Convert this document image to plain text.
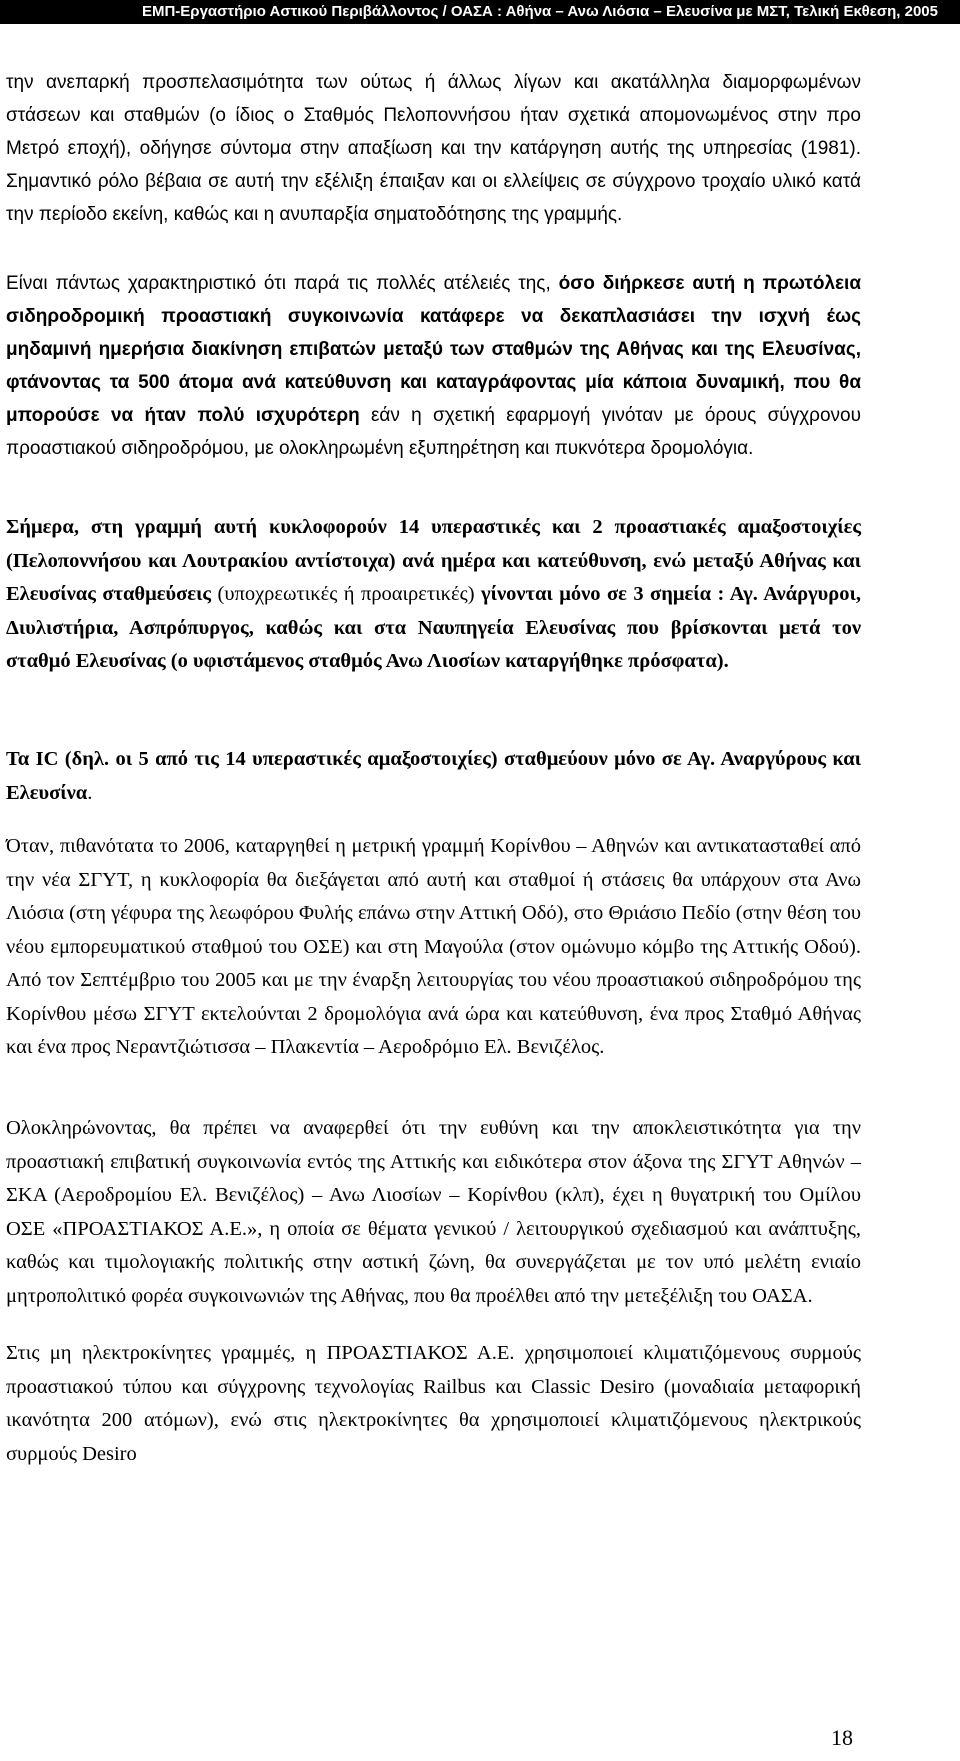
ΕΜΠ-Εργαστήριο Αστικού Περιβάλλοντος / ΟΑΣΑ : Αθήνα – Ανω Λιόσια – Ελευσίνα με ΜΣΤ, Τελική Εκθεση, 2005

την ανεπαρκή προσπελασιμότητα των ούτως ή άλλως λίγων και ακατάλληλα διαμορφωμένων στάσεων και σταθμών (ο ίδιος ο Σταθμός Πελοποννήσου ήταν σχετικά απομονωμένος στην προ Μετρό εποχή), οδήγησε σύντομα στην απαξίωση και την κατάργηση αυτής της υπηρεσίας (1981). Σημαντικό ρόλο βέβαια σε αυτή την εξέλιξη έπαιξαν και οι ελλείψεις σε σύγχρονο τροχαίο υλικό κατά την περίοδο εκείνη, καθώς και η ανυπαρξία σηματοδότησης της γραμμής.

Είναι πάντως χαρακτηριστικό ότι παρά τις πολλές ατέλειές της, όσο διήρκεσε αυτή η πρωτόλεια σιδηροδρομική προαστιακή συγκοινωνία κατάφερε να δεκαπλασιάσει την ισχνή έως μηδαμινή ημερήσια διακίνηση επιβατών μεταξύ των σταθμών της Αθήνας και της Ελευσίνας, φτάνοντας τα 500 άτομα ανά κατεύθυνση και καταγράφοντας μία κάποια δυναμική, που θα μπορούσε να ήταν πολύ ισχυρότερη εάν η σχετική εφαρμογή γινόταν με όρους σύγχρονου προαστιακού σιδηροδρόμου, με ολοκληρωμένη εξυπηρέτηση και πυκνότερα δρομολόγια.

Σήμερα, στη γραμμή αυτή κυκλοφορούν 14 υπεραστικές και 2 προαστιακές αμαξοστοιχίες (Πελοποννήσου και Λουτρακίου αντίστοιχα) ανά ημέρα και κατεύθυνση, ενώ μεταξύ Αθήνας και Ελευσίνας σταθμεύσεις (υποχρεωτικές ή προαιρετικές) γίνονται μόνο σε 3 σημεία : Αγ. Ανάργυροι, Διυλιστήρια, Ασπρόπυργος, καθώς και στα Ναυπηγεία Ελευσίνας που βρίσκονται μετά τον σταθμό Ελευσίνας (ο υφιστάμενος σταθμός Ανω Λιοσίων καταργήθηκε πρόσφατα).

Τα IC (δηλ. οι 5 από τις 14 υπεραστικές αμαξοστοιχίες) σταθμεύουν μόνο σε Αγ. Αναργύρους και Ελευσίνα.

Όταν, πιθανότατα το 2006, καταργηθεί η μετρική γραμμή Κορίνθου – Αθηνών και αντικατασταθεί από την νέα ΣΓΥΤ, η κυκλοφορία θα διεξάγεται από αυτή και σταθμοί ή στάσεις θα υπάρχουν στα Ανω Λιόσια (στη γέφυρα της λεωφόρου Φυλής επάνω στην Αττική Οδό), στο Θριάσιο Πεδίο (στην θέση του νέου εμπορευματικού σταθμού του ΟΣΕ) και στη Μαγούλα (στον ομώνυμο κόμβο της Αττικής Οδού). Από τον Σεπτέμβριο του 2005 και με την έναρξη λειτουργίας του νέου προαστιακού σιδηροδρόμου της Κορίνθου μέσω ΣΓΥΤ εκτελούνται 2 δρομολόγια ανά ώρα και κατεύθυνση, ένα προς Σταθμό Αθήνας και ένα προς Νεραντζιώτισσα – Πλακεντία – Αεροδρόμιο Ελ. Βενιζέλος.

Ολοκληρώνοντας, θα πρέπει να αναφερθεί ότι την ευθύνη και την αποκλειστικότητα για την προαστιακή επιβατική συγκοινωνία εντός της Αττικής και ειδικότερα στον άξονα της ΣΓΥΤ Αθηνών – ΣΚΑ (Αεροδρομίου Ελ. Βενιζέλος) – Ανω Λιοσίων – Κορίνθου (κλπ), έχει η θυγατρική του Ομίλου ΟΣΕ «ΠΡΟΑΣΤΙΑΚΟΣ Α.Ε.», η οποία σε θέματα γενικού / λειτουργικού σχεδιασμού και ανάπτυξης, καθώς και τιμολογιακής πολιτικής στην αστική ζώνη, θα συνεργάζεται με τον υπό μελέτη ενιαίο μητροπολιτικό φορέα συγκοινωνιών της Αθήνας, που θα προέλθει από την μετεξέλιξη του ΟΑΣΑ.

Στις μη ηλεκτροκίνητες γραμμές, η ΠΡΟΑΣΤΙΑΚΟΣ Α.Ε. χρησιμοποιεί κλιματιζόμενους συρμούς προαστιακού τύπου και σύγχρονης τεχνολογίας Railbus και Classic Desiro (μοναδιαία μεταφορική ικανότητα 200 ατόμων), ενώ στις ηλεκτροκίνητες θα χρησιμοποιεί κλιματιζόμενους ηλεκτρικούς συρμούς Desiro

18
